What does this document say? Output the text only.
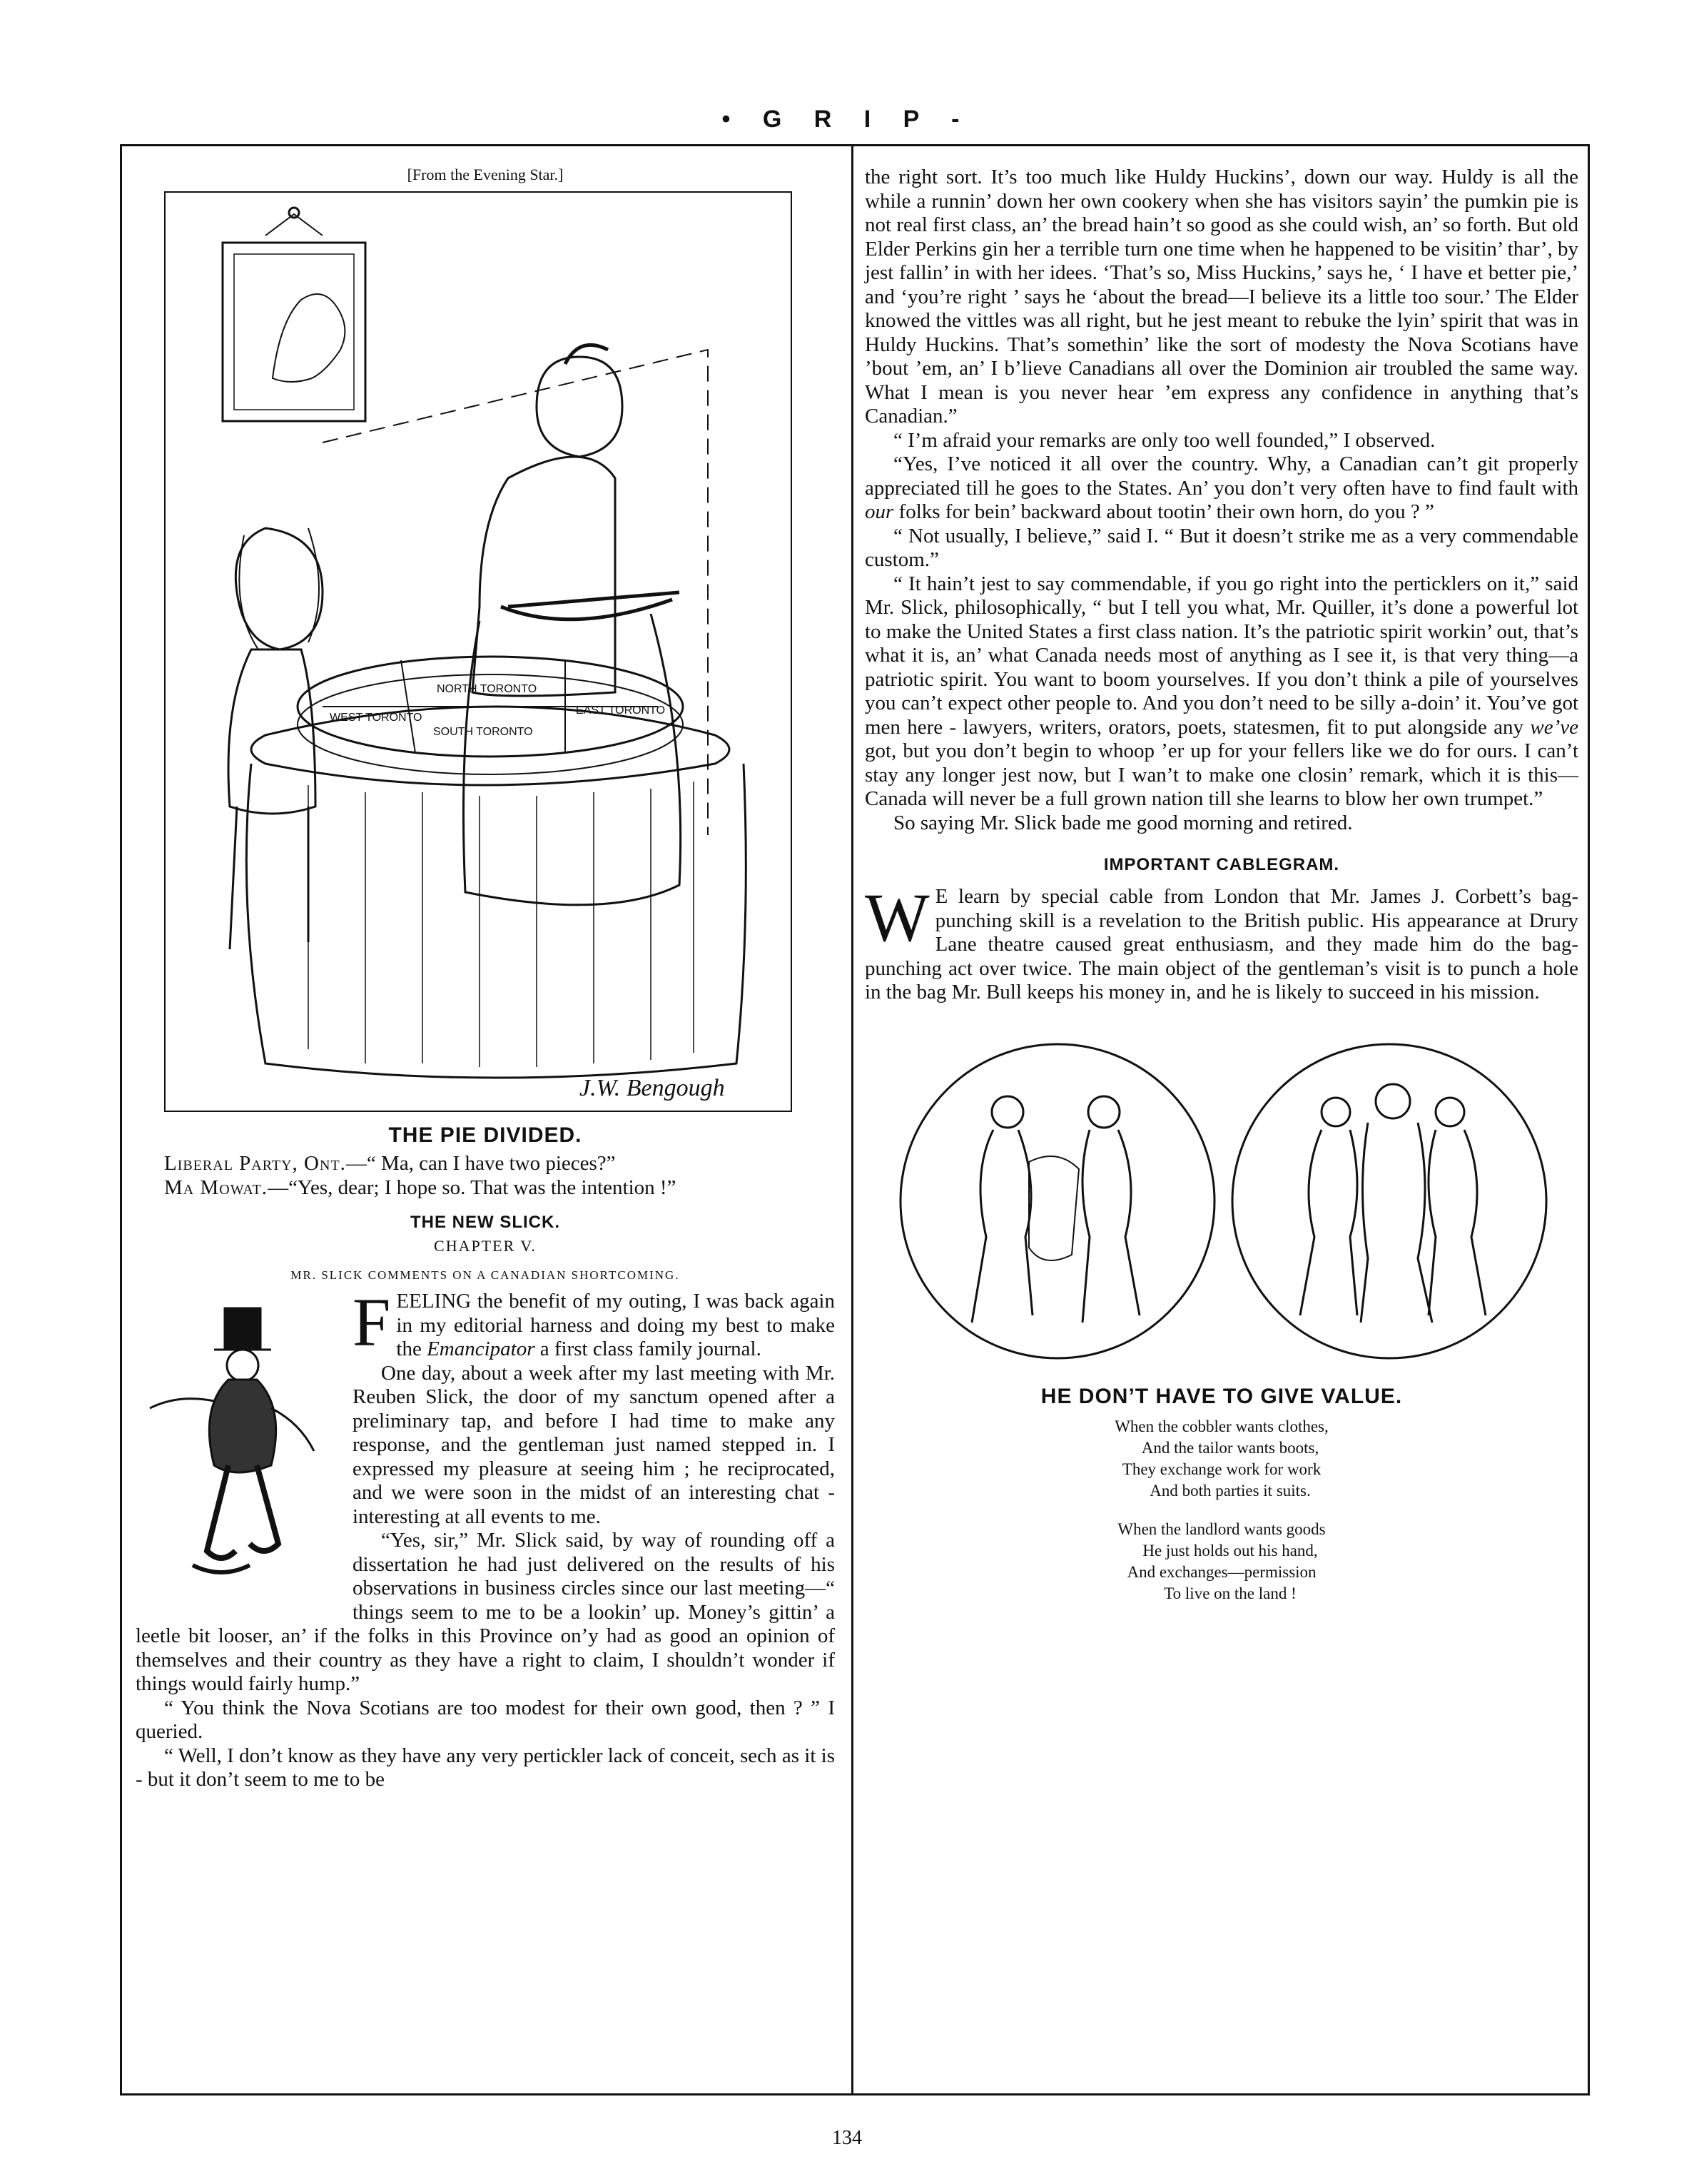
• G R I P -
[From the Evening Star.]
NORTH TORONTO
EAST TORONTO
WEST TORONTO
SOUTH TORONTO
J.W. Bengough
THE PIE DIVIDED.

Liberal Party, Ont.—“ Ma, can I have two pieces?”

Ma Mowat.—“Yes, dear; I hope so. That was the intention !”

THE NEW SLICK.
CHAPTER V.
MR. SLICK COMMENTS ON A CANADIAN SHORTCOMING.
F EELING the benefit of my outing, I was back again in my editorial harness and doing my best to make the Emancipator a first class family journal.

One day, about a week after my last meeting with Mr. Reuben Slick, the door of my sanctum opened after a preliminary tap, and before I had time to make any response, and the gentleman just named stepped in. I expressed my pleasure at seeing him ; he reciprocated, and we were soon in the midst of an interesting chat - interesting at all events to me.

“Yes, sir,” Mr. Slick said, by way of rounding off a dissertation he had just delivered on the results of his observations in business circles since our last meeting—“ things seem to me to be a lookin’ up. Money’s gittin’ a leetle bit looser, an’ if the folks in this Province on’y had as good an opinion of themselves and their country as they have a right to claim, I shouldn’t wonder if things would fairly hump.”

“ You think the Nova Scotians are too modest for their own good, then ? ” I queried.

“ Well, I don’t know as they have any very pertickler lack of conceit, sech as it is - but it don’t seem to me to be

the right sort. It’s too much like Huldy Huckins’, down our way. Huldy is all the while a runnin’ down her own cookery when she has visitors sayin’ the pumkin pie is not real first class, an’ the bread hain’t so good as she could wish, an’ so forth. But old Elder Perkins gin her a terrible turn one time when he happened to be visitin’ thar’, by jest fallin’ in with her idees. ‘That’s so, Miss Huckins,’ says he, ‘ I have et better pie,’ and ‘you’re right ’ says he ‘about the bread—I believe its a little too sour.’ The Elder knowed the vittles was all right, but he jest meant to rebuke the lyin’ spirit that was in Huldy Huckins. That’s somethin’ like the sort of modesty the Nova Scotians have ’bout ’em, an’ I b’lieve Canadians all over the Dominion air troubled the same way. What I mean is you never hear ’em express any confidence in anything that’s Canadian.”

“ I’m afraid your remarks are only too well founded,” I observed.

“Yes, I’ve noticed it all over the country. Why, a Canadian can’t git properly appreciated till he goes to the States. An’ you don’t very often have to find fault with our folks for bein’ backward about tootin’ their own horn, do you ? ”

“ Not usually, I believe,” said I. “ But it doesn’t strike me as a very commendable custom.”

“ It hain’t jest to say commendable, if you go right into the perticklers on it,” said Mr. Slick, philosophically, “ but I tell you what, Mr. Quiller, it’s done a powerful lot to make the United States a first class nation. It’s the patriotic spirit workin’ out, that’s what it is, an’ what Canada needs most of anything as I see it, is that very thing—a patriotic spirit. You want to boom yourselves. If you don’t think a pile of yourselves you can’t expect other people to. And you don’t need to be silly a-doin’ it. You’ve got men here - lawyers, writers, orators, poets, statesmen, fit to put alongside any we’ve got, but you don’t begin to whoop ’er up for your fellers like we do for ours. I can’t stay any longer jest now, but I wan’t to make one closin’ remark, which it is this—Canada will never be a full grown nation till she learns to blow her own trumpet.”

So saying Mr. Slick bade me good morning and retired.

IMPORTANT CABLEGRAM.
W E learn by special cable from London that Mr. James J. Corbett’s bag-punching skill is a revelation to the British public. His appearance at Drury Lane theatre caused great enthusiasm, and they made him do the bag-punching act over twice. The main object of the gentleman’s visit is to punch a hole in the bag Mr. Bull keeps his money in, and he is likely to succeed in his mission.

HE DON’T HAVE TO GIVE VALUE.
When the cobbler wants clothes,
And the tailor wants boots,
They exchange work for work
And both parties it suits.
When the landlord wants goods
He just holds out his hand,
And exchanges—permission
To live on the land !
134
